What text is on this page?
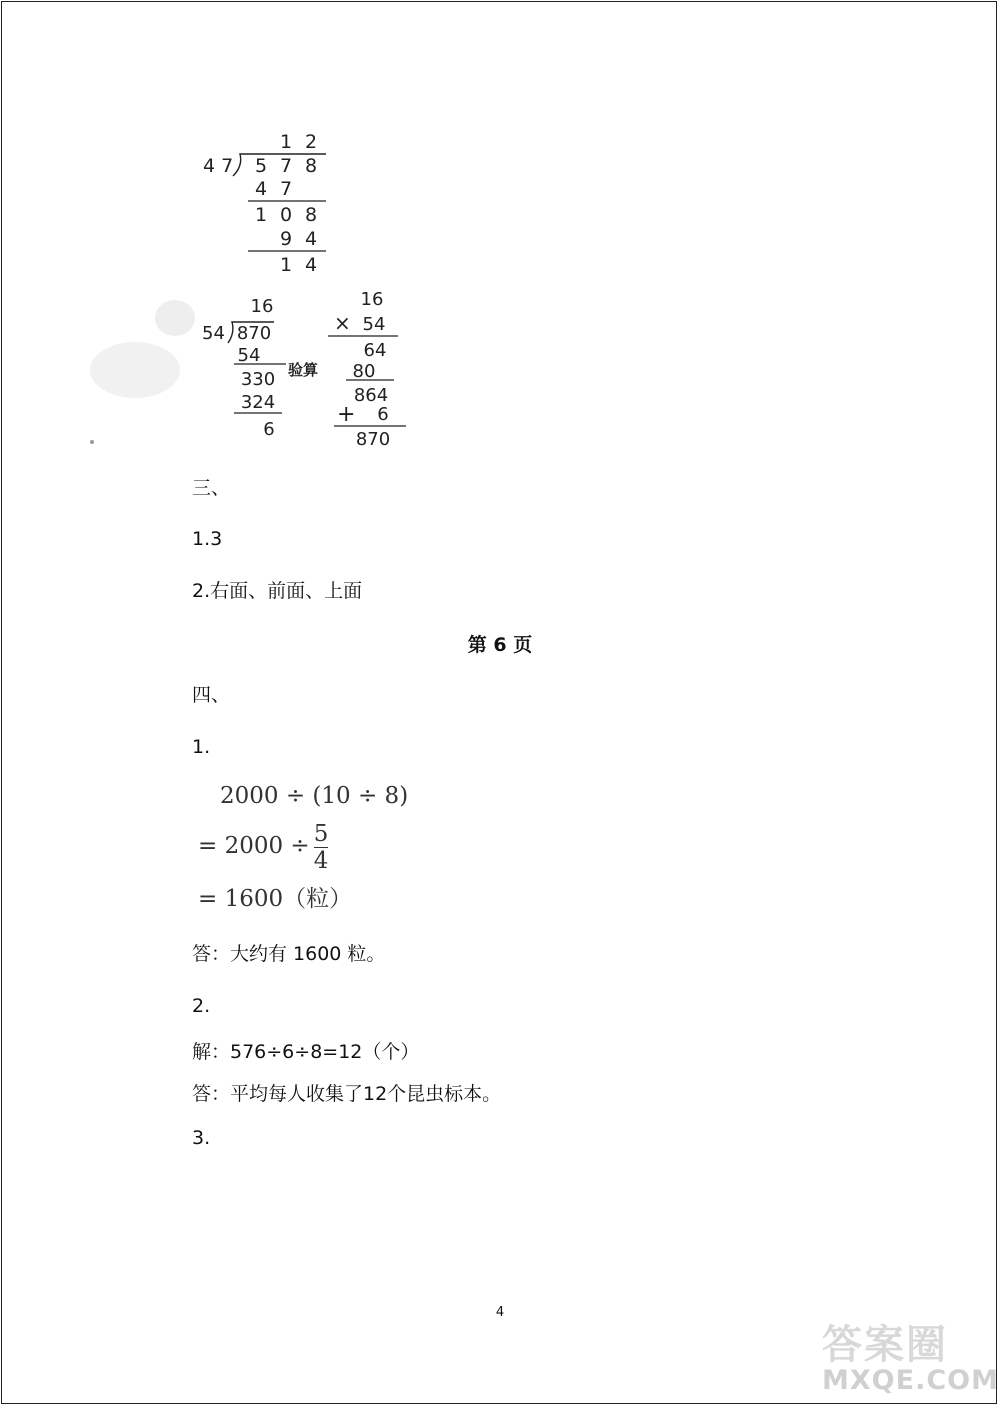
1 2
4 7 5 7 8
4 7
1 0 8
9 4
1 4
16
54 870
54
330
324
6
验算
16
× 54
64
80
864
+ 6
870
三、
1.3
2.右面、前面、上面
第 6 页
四、
1.
2000 ÷ (10 ÷ 8)
= $2000 \div \frac{5}{4}$
= 1600（粒）
答：大约有 1600 粒。
2.
解：576÷6÷8=12（个）
答：平均每人收集了12个昆虫标本。
3.
4
答案圈
MXQE.COM
